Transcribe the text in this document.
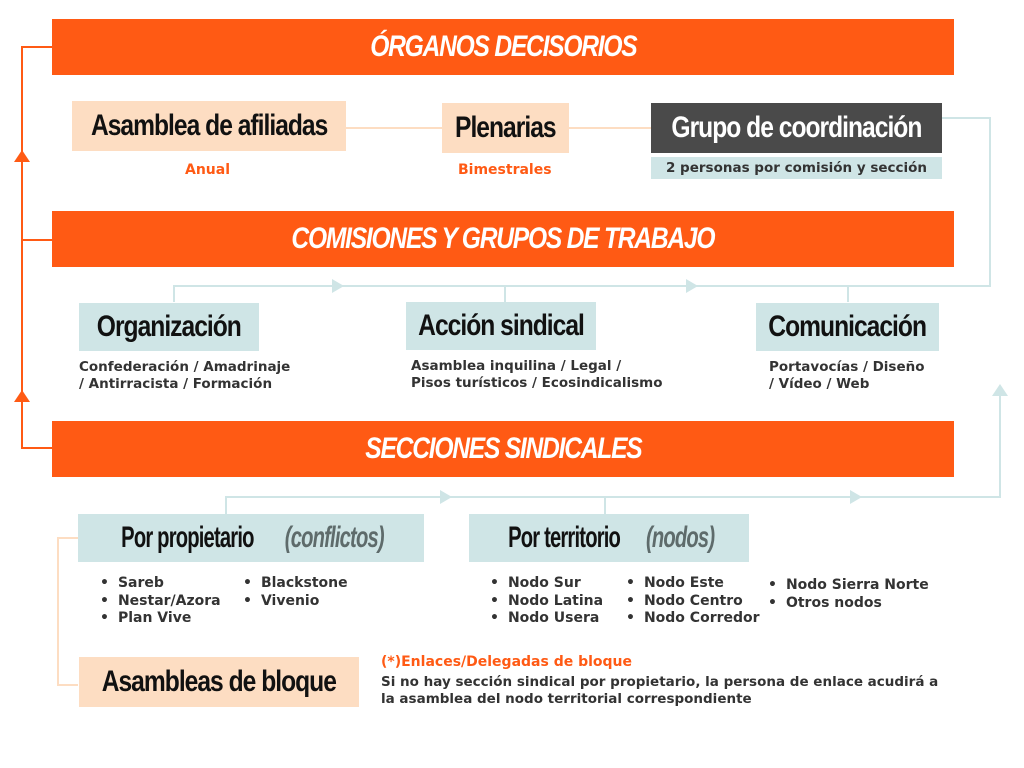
ÓRGANOS DECISORIOS
COMISIONES Y GRUPOS DE TRABAJO
SECCIONES SINDICALES
Asamblea de afiliadas
Anual
Plenarias
Bimestrales
Grupo de coordinación
2 personas por comisión y sección
Organización
Confederación / Amadrinaje
/ Antirracista / Formación
Acción sindical
Asamblea inquilina / Legal /
Pisos turísticos / Ecosindicalismo
Comunicación
Portavocías / Diseño
/ Vídeo / Web
Por propietario (conflictos)
• Sareb
• Nestar/Azora
• Plan Vive
• Blackstone
• Vivenio
Por territorio (nodos)
• Nodo Sur
• Nodo Latina
• Nodo Usera
• Nodo Este
• Nodo Centro
• Nodo Corredor
• Nodo Sierra Norte
• Otros nodos
Asambleas de bloque
(*)Enlaces/Delegadas de bloque
Si no hay sección sindical por propietario, la persona de enlace acudirá a
la asamblea del nodo territorial correspondiente
